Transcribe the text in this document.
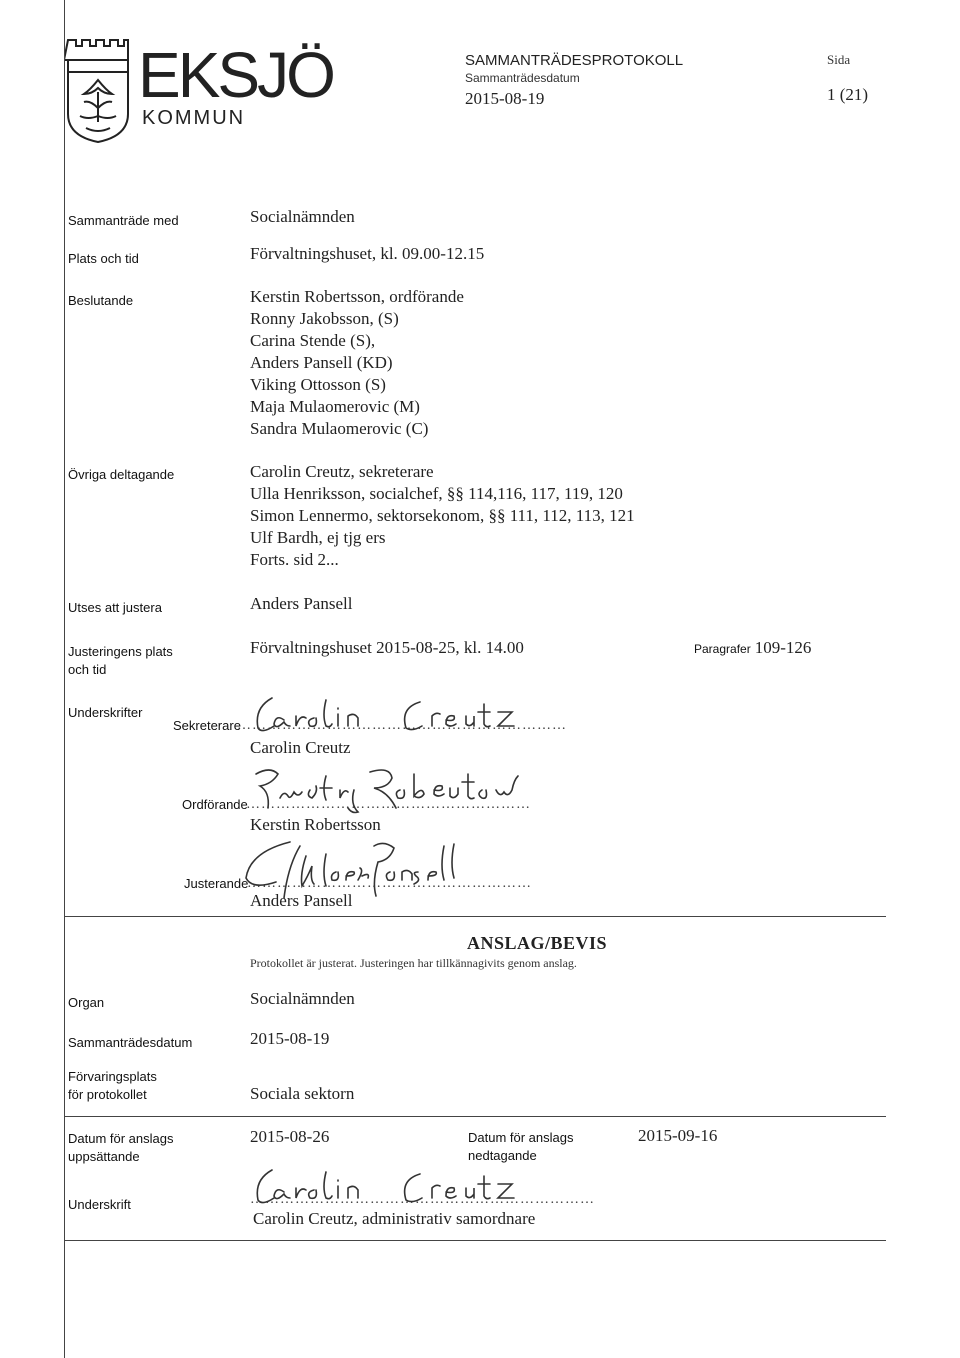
EKSJÖ
KOMMUN
SAMMANTRÄDESPROTOKOLL
Sammanträdesdatum
2015-08-19
Sida
1 (21)
Sammanträde med	Socialnämnden
Plats och tid	Förvaltningshuset, kl. 09.00-12.15
Beslutande	Kerstin Robertsson, ordförande
Ronny Jakobsson, (S)
Carina Stende (S),
Anders Pansell (KD)
Viking Ottosson (S)
Maja Mulaomerovic (M)
Sandra Mulaomerovic (C)
Övriga deltagande	Carolin Creutz, sekreterare
Ulla Henriksson, socialchef, §§ 114,116, 117, 119, 120
Simon Lennermo, sektorsekonom, §§ 111, 112, 113, 121
Ulf Bardh, ej tjg ers
Forts. sid 2...
Utses att justera	Anders Pansell
Justeringens plats
och tid
Förvaltningshuset 2015-08-25, kl. 14.00	Paragrafer 109-126
Underskrifter
Sekreterare
…………………………………………………………
Carolin Creutz
Ordförande
…………………………………………………
Kerstin Robertsson
Justerande
…………………………………………………
Anders Pansell
ANSLAG/BEVIS
Protokollet är justerat. Justeringen har tillkännagivits genom anslag.
Organ	Socialnämnden
Sammanträdesdatum	2015-08-19
Förvaringsplats
för protokollet	Sociala sektorn
Datum för anslags
uppsättande
2015-08-26	Datum för anslags
nedtagande
2015-09-16
Underskrift	……………………………………………………………
Carolin Creutz, administrativ samordnare
